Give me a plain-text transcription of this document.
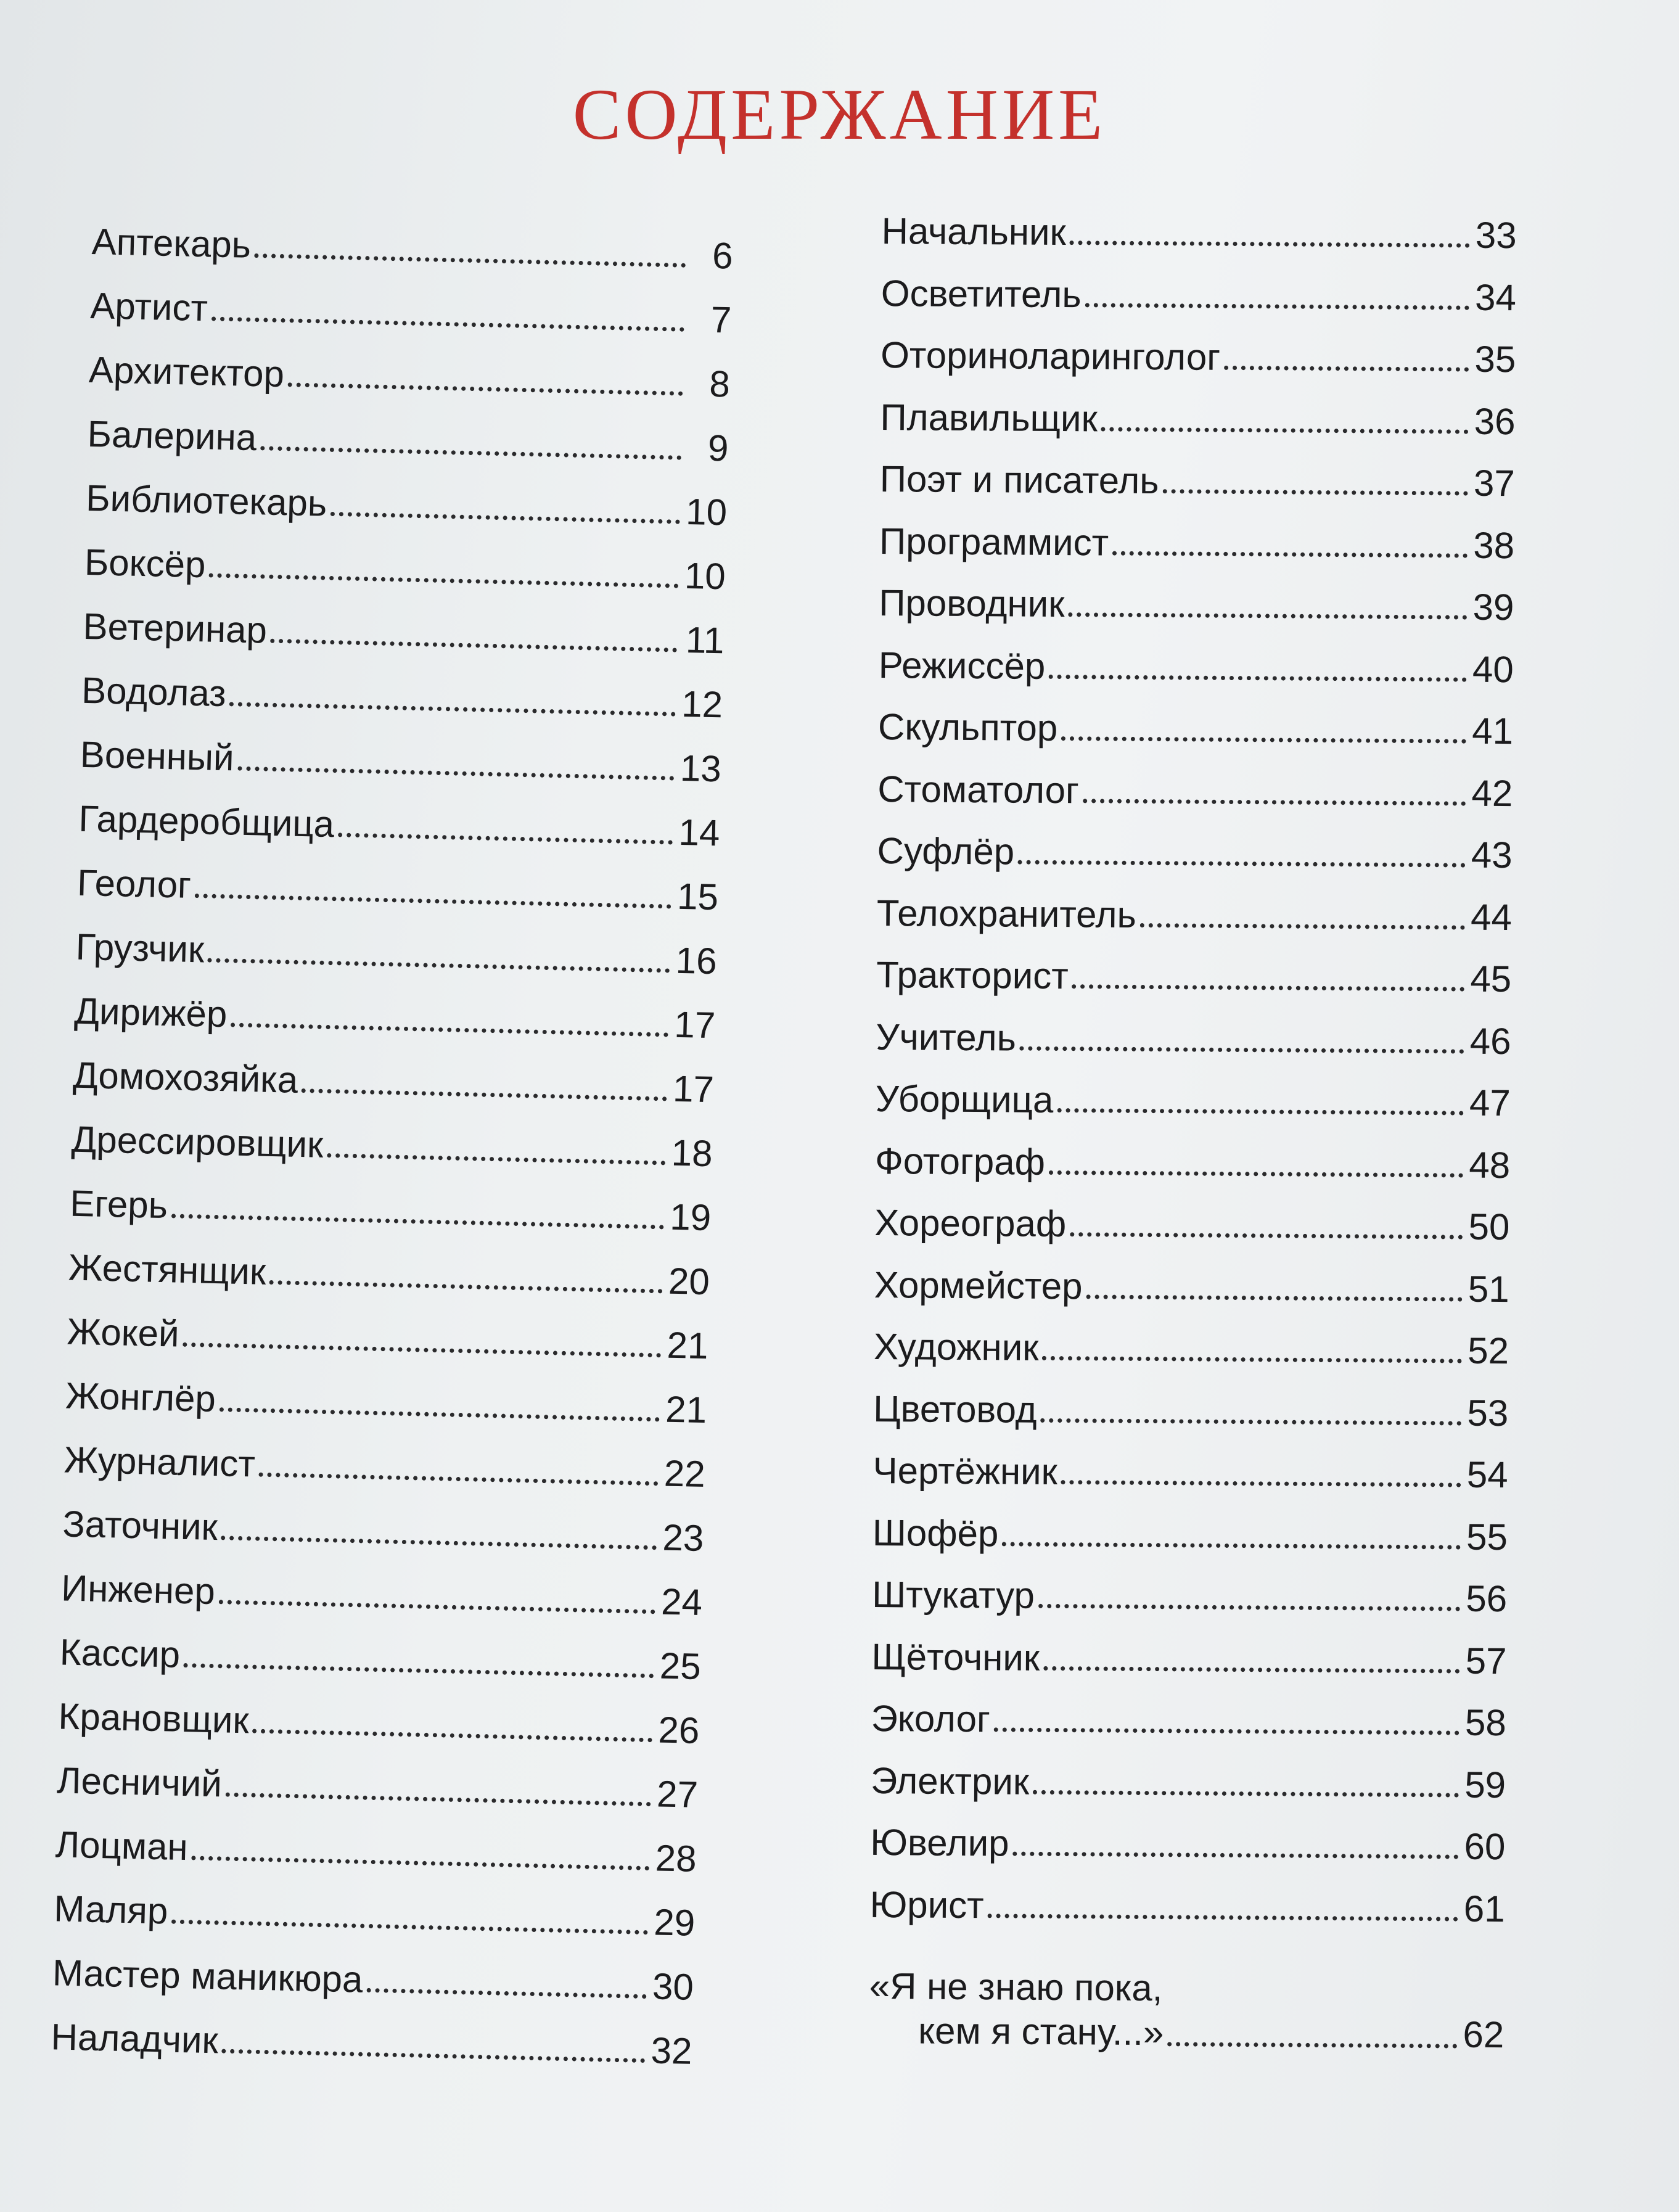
СОДЕРЖАНИЕ
Аптекарь	6
Артист	7
Архитектор	8
Балерина	9
Библиотекарь	10
Боксёр	10
Ветеринар	11
Водолаз	12
Военный	13
Гардеробщица	14
Геолог	15
Грузчик	16
Дирижёр	17
Домохозяйка	17
Дрессировщик	18
Егерь	19
Жестянщик	20
Жокей	21
Жонглёр	21
Журналист	22
Заточник	23
Инженер	24
Кассир	25
Крановщик	26
Лесничий	27
Лоцман	28
Маляр	29
Мастер маникюра	30
Наладчик	32
Начальник	33
Осветитель	34
Оториноларинголог	35
Плавильщик	36
Поэт и писатель	37
Программист	38
Проводник	39
Режиссёр	40
Скульптор	41
Стоматолог	42
Суфлёр	43
Телохранитель	44
Тракторист	45
Учитель	46
Уборщица	47
Фотограф	48
Хореограф	50
Хормейстер	51
Художник	52
Цветовод	53
Чертёжник	54
Шофёр	55
Штукатур	56
Щёточник	57
Эколог	58
Электрик	59
Ювелир	60
Юрист	61
«Я не знаю пока,
кем я стану...»	62
